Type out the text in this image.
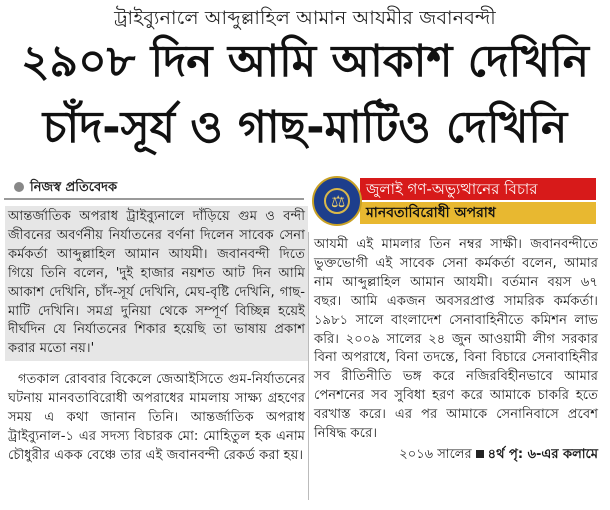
ট্রাইব্যুনালে আব্দুল্লাহিল আমান আযমীর জবানবন্দী
২৯০৮ দিন আমি আকাশ দেখিনি
চাঁদ-সূর্য ও গাছ-মাটিও দেখিনি
নিজস্ব প্রতিবেদক	জুলাই গণ-অভ্যুত্থানের বিচার
মানবতাবিরোধী অপরাধ
⚖

আন্তর্জাতিক অপরাধ ট্রাইব্যুনালে দাঁড়িয়ে গুম ও বন্দী জীবনের অবর্ণনীয় নির্যাতনের বর্ণনা দিলেন সাবেক সেনা কর্মকর্তা আব্দুল্লাহিল আমান আযমী। জবানবন্দী দিতে গিয়ে তিনি বলেন, 'দুই হাজার নয়শত আট দিন আমি আকাশ দেখিনি, চাঁদ-সূর্য দেখিনি, মেঘ-বৃষ্টি দেখিনি, গাছ-মাটি দেখিনি। সমগ্র দুনিয়া থেকে সম্পূর্ণ বিচ্ছিন্ন হয়েই দীর্ঘদিন যে নির্যাতনের শিকার হয়েছি তা ভাষায় প্রকাশ করার মতো নয়।'

গতকাল রোববার বিকেলে জেআইসিতে গুম-নির্যাতনের ঘটনায় মানবতাবিরোধী অপরাধের মামলায় সাক্ষ্য গ্রহণের সময় এ কথা জানান তিনি। আন্তর্জাতিক অপরাধ ট্রাইব্যুনাল-১ এর সদস্য বিচারক মো: মোহিতুল হক এনাম চৌধুরীর একক বেঞ্চে তার এই জবানবন্দী রেকর্ড করা হয়।

আযমী এই মামলার তিন নম্বর সাক্ষী। জবানবন্দীতে ভুক্তভোগী এই সাবেক সেনা কর্মকর্তা বলেন, আমার নাম আব্দুল্লাহিল আমান আযমী। বর্তমান বয়স ৬৭ বছর। আমি একজন অবসরপ্রাপ্ত সামরিক কর্মকর্তা। ১৯৮১ সালে বাংলাদেশ সেনাবাহিনীতে কমিশন লাভ করি। ২০০৯ সালের ২৪ জুন আওয়ামী লীগ সরকার বিনা অপরাধে, বিনা তদন্তে, বিনা বিচারে সেনাবাহিনীর সব রীতিনীতি ভঙ্গ করে নজিরবিহীনভাবে আমার পেনশনের সব সুবিধা হরণ করে আমাকে চাকরি হতে বরখাস্ত করে। এর পর আমাকে সেনানিবাসে প্রবেশ নিষিদ্ধ করে।

২০১৬ সালের ৪র্থ পৃ: ৬-এর কলামে
